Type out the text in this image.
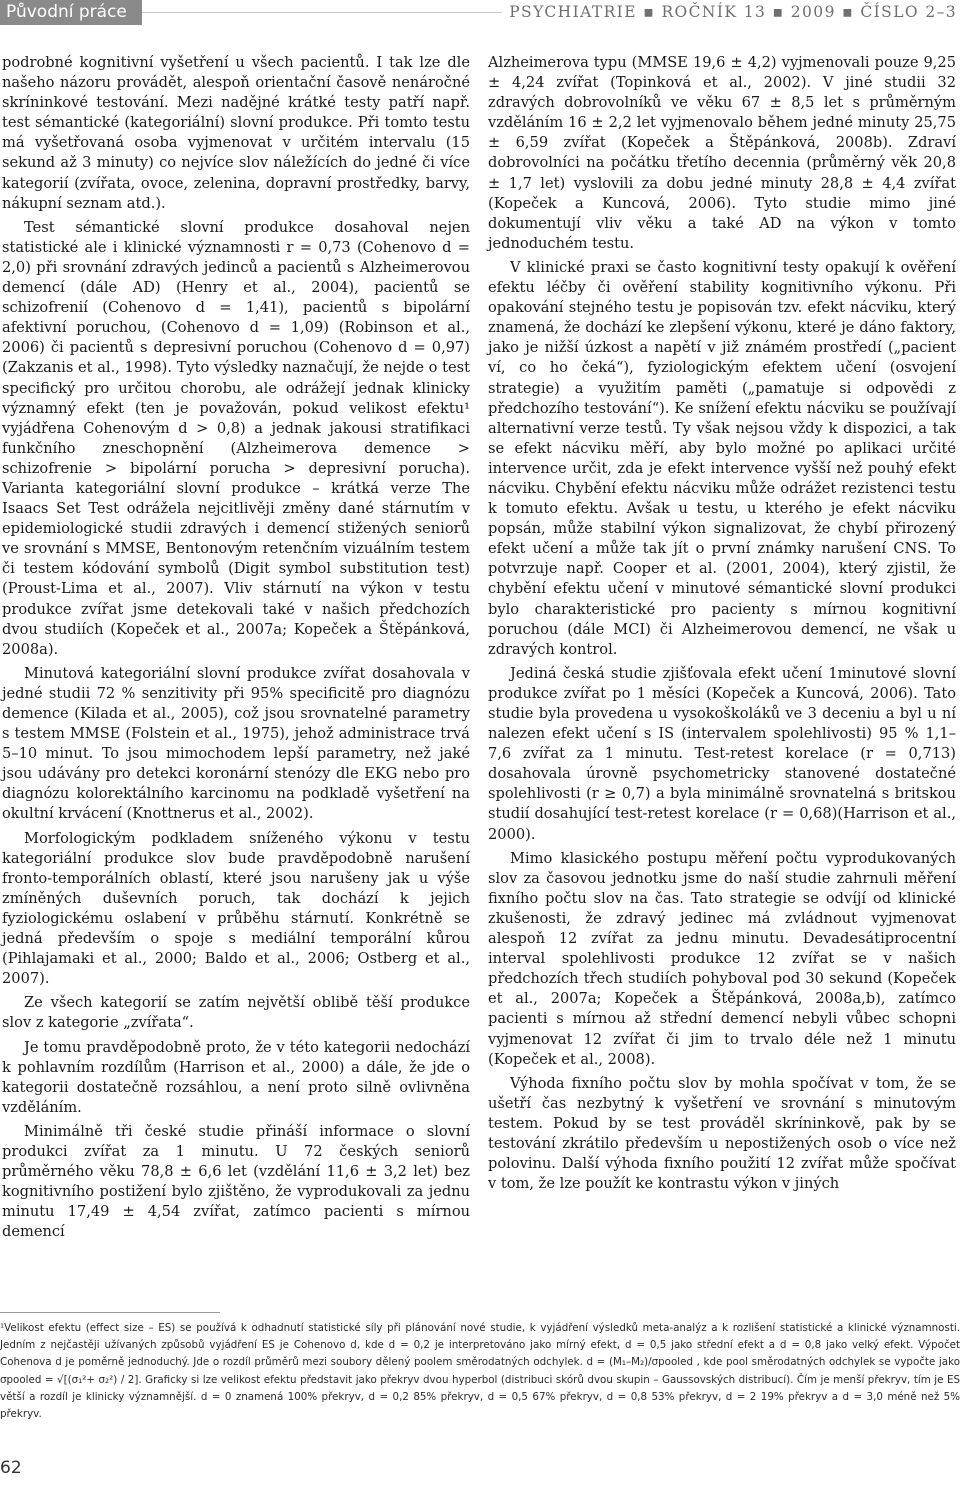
Původní práce	PSYCHIATRIE ▪ ROČNÍK 13 ▪ 2009 ▪ ČÍSLO 2–3

podrobné kognitivní vyšetření u všech pacientů. I tak lze dle našeho názoru provádět, alespoň orientační časově nenáročné skríninkové testování. Mezi nadějné krátké testy patří např. test sémantické (kategoriální) slovní produkce. Při tomto testu má vyšetřovaná osoba vyjmenovat v určitém intervalu (15 sekund až 3 minuty) co nejvíce slov náležících do jedné či více kategorií (zvířata, ovoce, zelenina, dopravní prostředky, barvy, nákupní seznam atd.).

Test sémantické slovní produkce dosahoval nejen statistické ale i klinické významnosti r = 0,73 (Cohenovo d = 2,0) při srovnání zdravých jedinců a pacientů s Alzheimerovou demencí (dále AD) (Henry et al., 2004), pacientů se schizofrenií (Cohenovo d = 1,41), pacientů s bipolární afektivní poruchou, (Cohenovo d = 1,09) (Robinson et al., 2006) či pacientů s depresivní poruchou (Cohenovo d = 0,97) (Zakzanis et al., 1998). Tyto výsledky naznačují, že nejde o test specifický pro určitou chorobu, ale odrážejí jednak klinicky významný efekt (ten je považován, pokud velikost efektu¹ vyjádřena Cohenovým d > 0,8) a jednak jakousi stratifikaci funkčního zneschopnění (Alzheimerova demence > schizofrenie > bipolární porucha > depresivní porucha). Varianta kategoriální slovní produkce – krátká verze The Isaacs Set Test odrážela nejcitlivěji změny dané stárnutím v epidemiologické studii zdravých i demencí stižených seniorů ve srovnání s MMSE, Bentonovým retenčním vizuálním testem či testem kódování symbolů (Digit symbol substitution test)(Proust-Lima et al., 2007). Vliv stárnutí na výkon v testu produkce zvířat jsme detekovali také v našich předchozích dvou studiích (Kopeček et al., 2007a; Kopeček a Štěpánková, 2008a).

Minutová kategoriální slovní produkce zvířat dosahovala v jedné studii 72 % senzitivity při 95% specificitě pro diagnózu demence (Kilada et al., 2005), což jsou srovnatelné parametry s testem MMSE (Folstein et al., 1975), jehož administrace trvá 5–10 minut. To jsou mimochodem lepší parametry, než jaké jsou udávány pro detekci koronární stenózy dle EKG nebo pro diagnózu kolorektálního karcinomu na podkladě vyšetření na okultní krvácení (Knottnerus et al., 2002).

Morfologickým podkladem sníženého výkonu v testu kategoriální produkce slov bude pravděpodobně narušení fronto-temporálních oblastí, které jsou narušeny jak u výše zmíněných duševních poruch, tak dochází k jejich fyziologickému oslabení v průběhu stárnutí. Konkrétně se jedná především o spoje s mediální temporální kůrou (Pihlajamaki et al., 2000; Baldo et al., 2006; Ostberg et al., 2007).

Ze všech kategorií se zatím největší oblibě těší produkce slov z kategorie „zvířata“.

Je tomu pravděpodobně proto, že v této kategorii nedochází k pohlavním rozdílům (Harrison et al., 2000) a dále, že jde o kategorii dostatečně rozsáhlou, a není proto silně ovlivněna vzděláním.

Minimálně tři české studie přináší informace o slovní produkci zvířat za 1 minutu. U 72 českých seniorů průměrného věku 78,8 ± 6,6 let (vzdělání 11,6 ± 3,2 let) bez kognitivního postižení bylo zjištěno, že vyprodukovali za jednu minutu 17,49 ± 4,54 zvířat, zatímco pacienti s mírnou demencí

Alzheimerova typu (MMSE 19,6 ± 4,2) vyjmenovali pouze 9,25 ± 4,24 zvířat (Topinková et al., 2002). V jiné studii 32 zdravých dobrovolníků ve věku 67 ± 8,5 let s průměrným vzděláním 16 ± 2,2 let vyjmenovalo během jedné minuty 25,75 ± 6,59 zvířat (Kopeček a Štěpánková, 2008b). Zdraví dobrovolníci na počátku třetího decennia (průměrný věk 20,8 ± 1,7 let) vyslovili za dobu jedné minuty 28,8 ± 4,4 zvířat (Kopeček a Kuncová, 2006). Tyto studie mimo jiné dokumentují vliv věku a také AD na výkon v tomto jednoduchém testu.

V klinické praxi se často kognitivní testy opakují k ověření efektu léčby či ověření stability kognitivního výkonu. Při opakování stejného testu je popisován tzv. efekt nácviku, který znamená, že dochází ke zlepšení výkonu, které je dáno faktory, jako je nižší úzkost a napětí v již známém prostředí („pacient ví, co ho čeká“), fyziologickým efektem učení (osvojení strategie) a využitím paměti („pamatuje si odpovědi z předchozího testování“). Ke snížení efektu nácviku se používají alternativní verze testů. Ty však nejsou vždy k dispozici, a tak se efekt nácviku měří, aby bylo možné po aplikaci určité intervence určit, zda je efekt intervence vyšší než pouhý efekt nácviku. Chybění efektu nácviku může odrážet rezistenci testu k tomuto efektu. Avšak u testu, u kterého je efekt nácviku popsán, může stabilní výkon signalizovat, že chybí přirozený efekt učení a může tak jít o první známky narušení CNS. To potvrzuje např. Cooper et al. (2001, 2004), který zjistil, že chybění efektu učení v minutové sémantické slovní produkci bylo charakteristické pro pacienty s mírnou kognitivní poruchou (dále MCI) či Alzheimerovou demencí, ne však u zdravých kontrol.

Jediná česká studie zjišťovala efekt učení 1minutové slovní produkce zvířat po 1 měsíci (Kopeček a Kuncová, 2006). Tato studie byla provedena u vysokoškoláků ve 3 deceniu a byl u ní nalezen efekt učení s IS (intervalem spolehlivosti) 95 % 1,1–7,6 zvířat za 1 minutu. Test-retest korelace (r = 0,713) dosahovala úrovně psychometricky stanovené dostatečné spolehlivosti (r ≥ 0,7) a byla minimálně srovnatelná s britskou studií dosahující test-retest korelace (r = 0,68)(Harrison et al., 2000).

Mimo klasického postupu měření počtu vyprodukovaných slov za časovou jednotku jsme do naší studie zahrnuli měření fixního počtu slov na čas. Tato strategie se odvíjí od klinické zkušenosti, že zdravý jedinec má zvládnout vyjmenovat alespoň 12 zvířat za jednu minutu. Devadesátiprocentní interval spolehlivosti produkce 12 zvířat se v našich předchozích třech studiích pohyboval pod 30 sekund (Kopeček et al., 2007a; Kopeček a Štěpánková, 2008a,b), zatímco pacienti s mírnou až střední demencí nebyli vůbec schopni vyjmenovat 12 zvířat či jim to trvalo déle než 1 minutu (Kopeček et al., 2008).

Výhoda fixního počtu slov by mohla spočívat v tom, že se ušetří čas nezbytný k vyšetření ve srovnání s minutovým testem. Pokud by se test prováděl skríninkově, pak by se testování zkrátilo především u nepostižených osob o více než polovinu. Další výhoda fixního použití 12 zvířat může spočívat v tom, že lze použít ke kontrastu výkon v jiných

¹Velikost efektu (effect size – ES) se používá k odhadnutí statistické síly při plánování nové studie, k vyjádření výsledků meta-analýz a k rozlišení statistické a klinické významnosti. Jedním z nejčastěji užívaných způsobů vyjádření ES je Cohenovo d, kde d = 0,2 je interpretováno jako mírný efekt, d = 0,5 jako střední efekt a d = 0,8 jako velký efekt. Výpočet Cohenova d je poměrně jednoduchý. Jde o rozdíl průměrů mezi soubory dělený poolem směrodatných odchylek. d = (M₁–M₂)/σpooled , kde pool směrodatných odchylek se vypočte jako σpooled = √[(σ₁²+ σ₂²) / 2]. Graficky si lze velikost efektu představit jako překryv dvou hyperbol (distribuci skórů dvou skupin – Gaussovských distribucí). Čím je menší překryv, tím je ES větší a rozdíl je klinicky významnější. d = 0 znamená 100% překryv, d = 0,2 85% překryv, d = 0,5 67% překryv, d = 0,8 53% překryv, d = 2 19% překryv a d = 3,0 méně než 5% překryv.
62
